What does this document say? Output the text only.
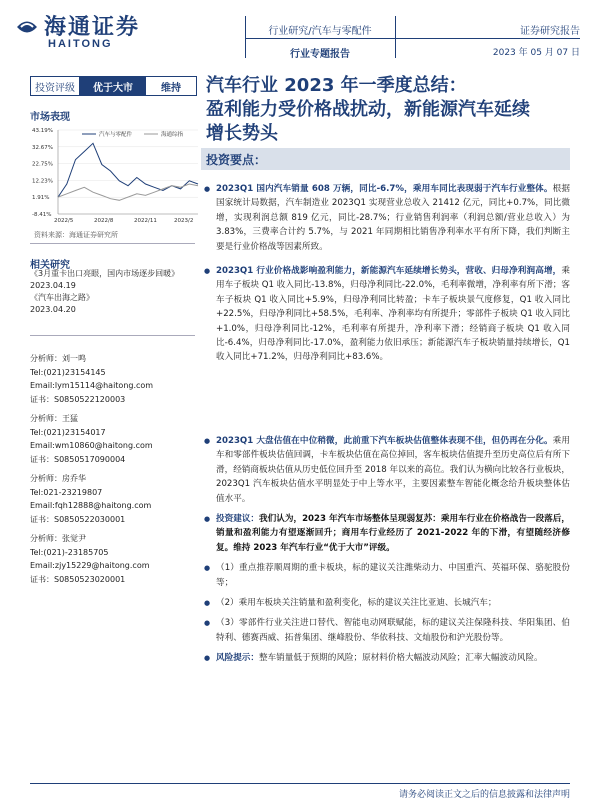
海通证券
HAITONG
行业研究/汽车与零配件
行业专题报告
证券研究报告
2023 年 05 月 07 日
投资评级	优于大市	维持
市场表现
43.19%
32.67%
22.75%
12.23%
1.91%
-8.41%
2022/5	2022/8	2022/11	2023/2
汽车与零配件	海通综指
资料来源：海通证券研究所
相关研究
《3月重卡出口亮眼，国内市场逐步回暖》
2023.04.19
《汽车出海之路》
2023.04.20
分析师：刘一鸣
Tel:(021)23154145
Email:lym15114@haitong.com
证书：S0850522120003
分析师：王猛
Tel:(021)23154017
Email:wm10860@haitong.com
证书：S0850517090004
分析师：房乔华
Tel:021-23219807
Email:fqh12888@haitong.com
证书：S0850522030001
分析师：张觉尹
Tel:(021)-23185705
Email:zjy15229@haitong.com
证书：S0850523020001
汽车行业 2023 年一季度总结：
盈利能力受价格战扰动，新能源汽车延续
增长势头
投资要点：
● 2023Q1 国内汽车销量 608 万辆，同比-6.7%，乘用车同比表现弱于汽车行业整体。根据国家统计局数据，汽车制造业 2023Q1 实现营业总收入 21412 亿元，同比+0.7%，同比微增，实现利润总额 819 亿元，同比-28.7%；行业销售利润率（利润总额/营业总收入）为 3.83%，三费率合计约 5.7%，与 2021 年同期相比销售净利率水平有所下降，我们判断主要是行业价格战等因素所致。
● 2023Q1 行业价格战影响盈利能力，新能源汽车延续增长势头，营收、归母净利润高增，乘用车子板块 Q1 收入同比-13.8%，归母净利同比-22.0%，毛利率微增，净利率有所下滑；客车子板块 Q1 收入同比+5.9%，归母净利同比转盈；卡车子板块景气度修复，Q1 收入同比+22.5%，归母净利同比+58.5%，毛利率、净利率均有所提升；零部件子板块 Q1 收入同比+1.0%，归母净利同比-12%，毛利率有所提升，净利率下滑；经销商子板块 Q1 收入同比-6.4%，归母净利同比-17.0%，盈利能力依旧承压；新能源汽车子板块销量持续增长，Q1 收入同比+71.2%，归母净利同比+83.6%。
● 2023Q1 大盘估值在中位稍微，此前重下汽车板块估值整体表现不佳，但仍再在分化。乘用车和零部件板块估值回调，卡车板块估值在高位掉回，客车板块估值提升至历史高位后有所下滑，经销商板块估值从历史低位回升至 2018 年以来的高位。我们认为横向比较各行业板块，2023Q1 汽车板块估值水平明显处于中上等水平，主要因素整车智能化概念给升板块整体估值水平。
● 投资建议：我们认为，2023 年汽车市场整体呈现弱复苏：乘用车行业在价格战告一段落后，销量和盈利能力有望逐渐回升；商用车行业经历了 2021-2022 年的下滑，有望随经济修复。维持 2023 年汽车行业“优于大市”评级。
● （1）重点推荐顺周期的重卡板块，标的建议关注潍柴动力、中国重汽、英福环保、骆驼股份等；
● （2）乘用车板块关注销量和盈利变化，标的建议关注比亚迪、长城汽车；
● （3）零部件行业关注进口替代、智能电动网联赋能，标的建议关注保隆科技、华阳集团、伯特利、德赛西威、拓普集团、继峰股份、华依科技、文灿股份和沪光股份等。
● 风险提示：整车销量低于预期的风险；原材料价格大幅波动风险；汇率大幅波动风险。
请务必阅读正文之后的信息披露和法律声明
